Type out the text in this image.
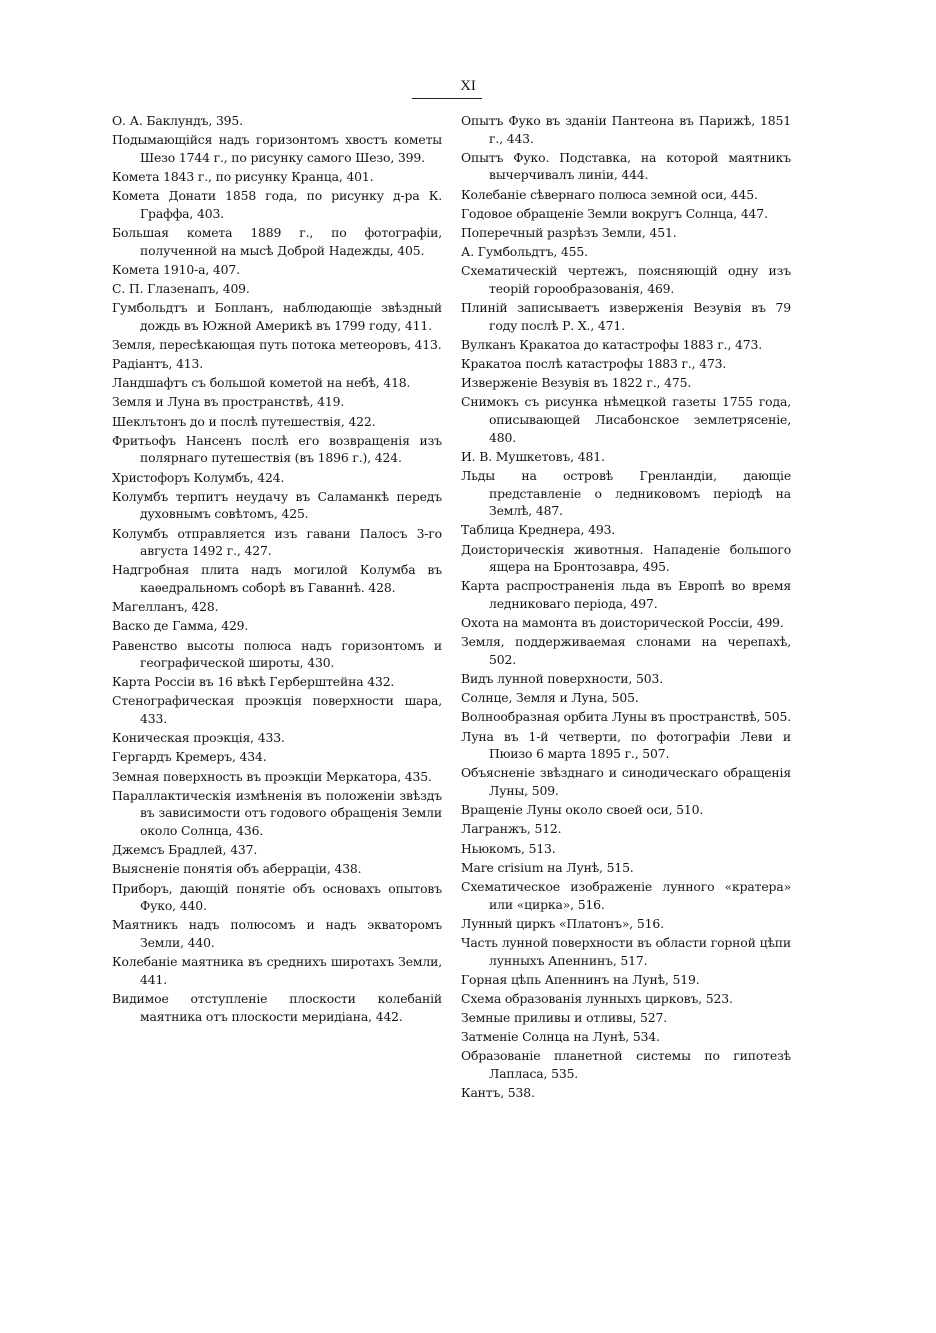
XI

О. А. Баклундъ, 395.

Подымающійся надъ горизонтомъ хвостъ кометы Шезо 1744 г., по рисунку самого Шезо, 399.

Комета 1843 г., по рисунку Кранца, 401.

Комета Донати 1858 года, по рисунку д-ра К. Граффа, 403.

Большая комета 1889 г., по фотографіи, полученной на мысѣ Доброй Надежды, 405.

Комета 1910-а, 407.

С. П. Глазенапъ, 409.

Гумбольдтъ и Бопланъ, наблюдающіе звѣздный дождь въ Южной Америкѣ въ 1799 году, 411.

Земля, пересѣкающая путь потока метеоровъ, 413.

Радіантъ, 413.

Ландшафтъ съ большой кометой на небѣ, 418.

Земля и Луна въ пространствѣ, 419.

Шеклътонъ до и послѣ путешествія, 422.

Фритьофъ Нансенъ послѣ его возвращенія изъ полярнаго путешествія (въ 1896 г.), 424.

Христофоръ Колумбъ, 424.

Колумбъ терпитъ неудачу въ Саламанкѣ передъ духовнымъ совѣтомъ, 425.

Колумбъ отправляется изъ гавани Палосъ 3-го августа 1492 г., 427.

Надгробная плита надъ могилой Колумба въ каѳедральномъ соборѣ въ Гаваннѣ. 428.

Магелланъ, 428.

Васко де Гамма, 429.

Равенство высоты полюса надъ горизонтомъ и географической широты, 430.

Карта Россіи въ 16 вѣкѣ Герберштейна 432.

Стенографическая проэкція поверхности шара, 433.

Коническая проэкція, 433.

Гергардъ Кремеръ, 434.

Земная поверхность въ проэкціи Меркатора, 435.

Параллактическія измѣненія въ положеніи звѣздъ въ зависимости отъ годового обращенія Земли около Солнца, 436.

Джемсъ Брадлей, 437.

Выясненіе понятія объ аберраціи, 438.

Приборъ, дающій понятіе объ основахъ опытовъ Фуко, 440.

Маятникъ надъ полюсомъ и надъ экваторомъ Земли, 440.

Колебаніе маятника въ среднихъ широтахъ Земли, 441.

Видимое отступленіе плоскости колебаній маятника отъ плоскости меридіана, 442.

Опытъ Фуко въ зданіи Пантеона въ Парижѣ, 1851 г., 443.

Опытъ Фуко. Подставка, на которой маятникъ вычерчивалъ линіи, 444.

Колебаніе сѣвернаго полюса земной оси, 445.

Годовое обращеніе Земли вокругъ Солнца, 447.

Поперечный разрѣзъ Земли, 451.

А. Гумбольдтъ, 455.

Схематическій чертежъ, поясняющій одну изъ теорій горообразованія, 469.

Плиній записываетъ изверженія Везувія въ 79 году послѣ Р. Х., 471.

Вулканъ Кракатоа до катастрофы 1883 г., 473.

Кракатоа послѣ катастрофы 1883 г., 473.

Изверженіе Везувія въ 1822 г., 475.

Снимокъ съ рисунка нѣмецкой газеты 1755 года, описывающей Лисабонское землетрясеніе, 480.

И. В. Мушкетовъ, 481.

Льды на островѣ Гренландіи, дающіе представленіе о ледниковомъ періодѣ на Землѣ, 487.

Таблица Креднера, 493.

Доисторическія животныя. Нападеніе большого ящера на Бронтозавра, 495.

Карта распространенія льда въ Европѣ во время ледниковаго періода, 497.

Охота на мамонта въ доисторической Россіи, 499.

Земля, поддерживаемая слонами на черепахѣ, 502.

Видъ лунной поверхности, 503.

Солнце, Земля и Луна, 505.

Волнообразная орбита Луны въ пространствѣ, 505.

Луна въ 1-й четверти, по фотографіи Леви и Пюизо 6 марта 1895 г., 507.

Объясненіе звѣзднаго и синодическаго обращенія Луны, 509.

Вращеніе Луны около своей оси, 510.

Лагранжъ, 512.

Ньюкомъ, 513.

Mare crisium на Лунѣ, 515.

Схематическое изображеніе лунного «кратера» или «цирка», 516.

Лунный циркъ «Платонъ», 516.

Часть лунной поверхности въ области горной цѣпи лунныхъ Апеннинъ, 517.

Горная цѣпь Апеннинъ на Лунѣ, 519.

Схема образованія лунныхъ цирковъ, 523.

Земные приливы и отливы, 527.

Затменіе Солнца на Лунѣ, 534.

Образованіе планетной системы по гипотезѣ Лапласа, 535.

Кантъ, 538.
